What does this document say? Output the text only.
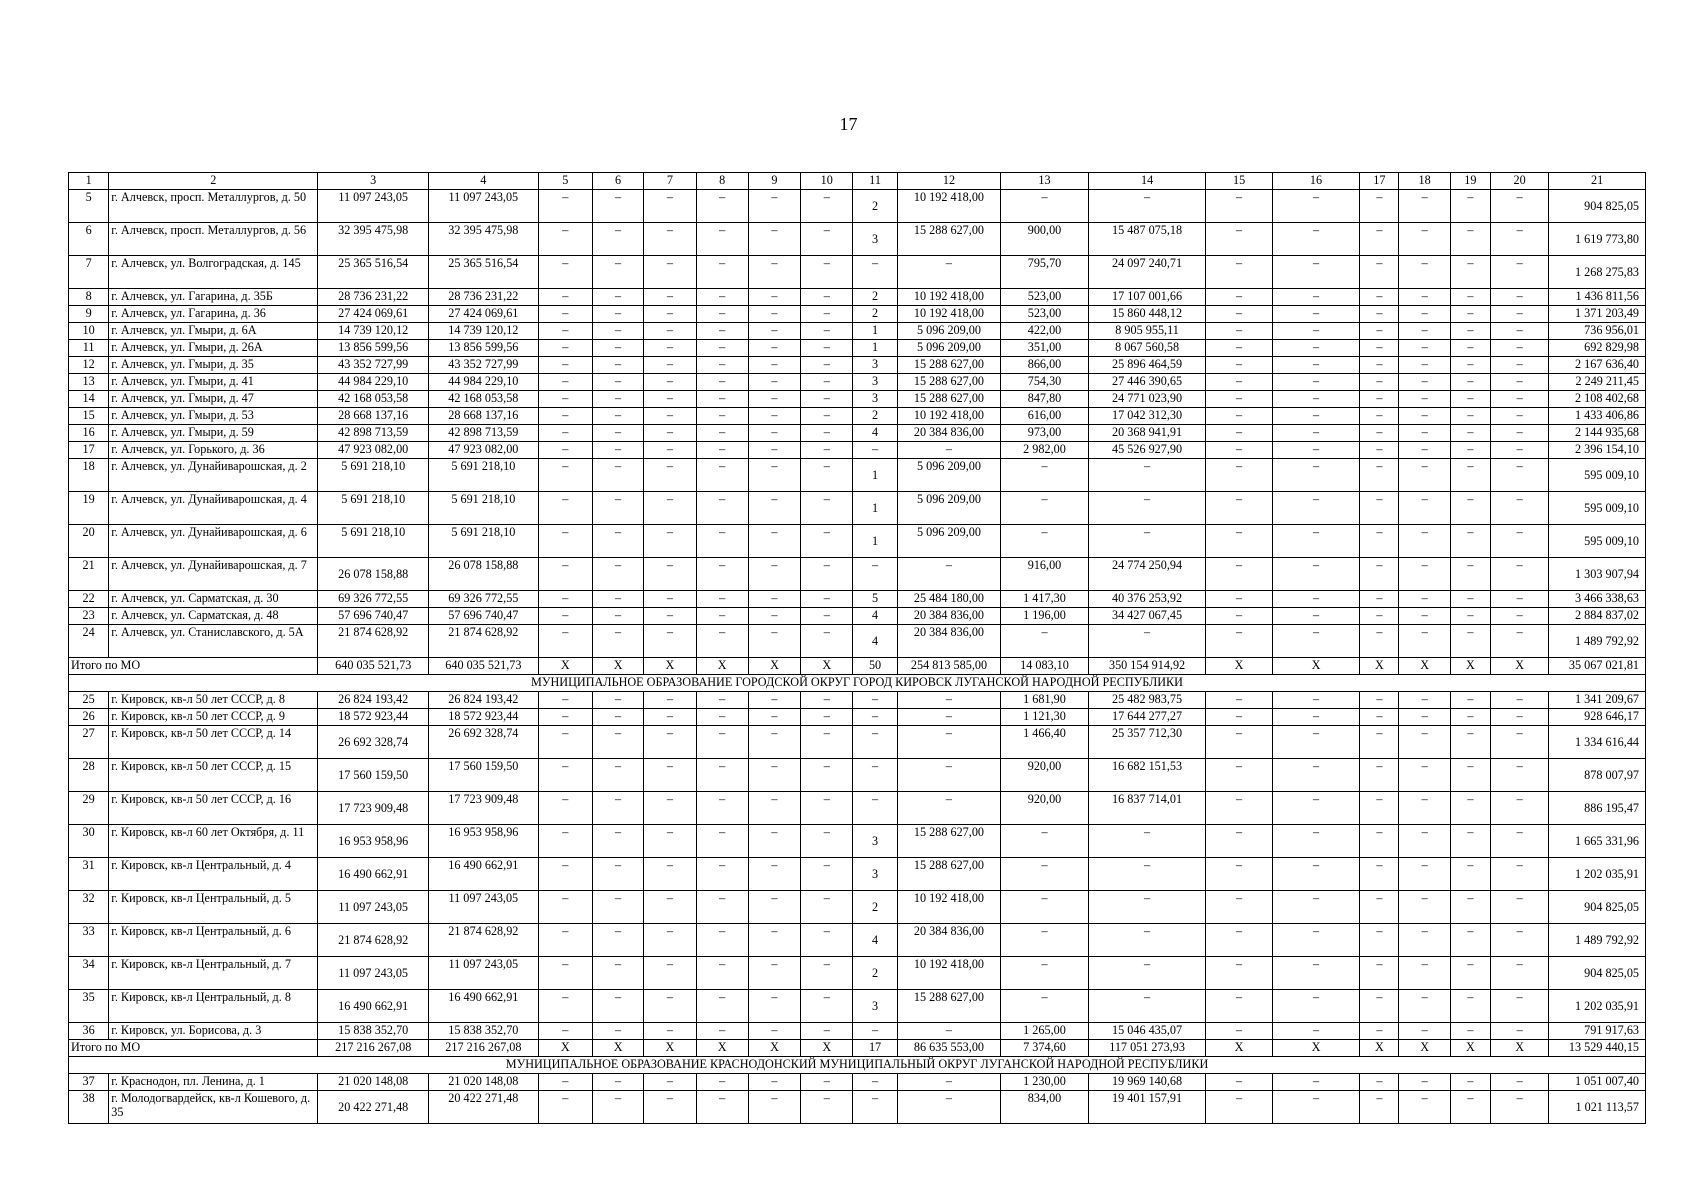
17
1	2	3	4	5	6	7	8	9	10	11	12	13	14	15	16	17	18	19	20	21
5	г. Алчевск, просп. Металлургов, д. 50	11 097 243,05	11 097 243,05	–	–	–	–	–	–	2	10 192 418,00	–	–	–	–	–	–	–	–	904 825,05
6	г. Алчевск, просп. Металлургов, д. 56	32 395 475,98	32 395 475,98	–	–	–	–	–	–	3	15 288 627,00	900,00	15 487 075,18	–	–	–	–	–	–	1 619 773,80
7	г. Алчевск, ул. Волгоградская, д. 145	25 365 516,54	25 365 516,54	–	–	–	–	–	–	–	–	795,70	24 097 240,71	–	–	–	–	–	–	1 268 275,83
8	г. Алчевск, ул. Гагарина, д. 35Б	28 736 231,22	28 736 231,22	–	–	–	–	–	–	2	10 192 418,00	523,00	17 107 001,66	–	–	–	–	–	–	1 436 811,56
9	г. Алчевск, ул. Гагарина, д. 36	27 424 069,61	27 424 069,61	–	–	–	–	–	–	2	10 192 418,00	523,00	15 860 448,12	–	–	–	–	–	–	1 371 203,49
10	г. Алчевск, ул. Гмыри, д. 6А	14 739 120,12	14 739 120,12	–	–	–	–	–	–	1	5 096 209,00	422,00	8 905 955,11	–	–	–	–	–	–	736 956,01
11	г. Алчевск, ул. Гмыри, д. 26А	13 856 599,56	13 856 599,56	–	–	–	–	–	–	1	5 096 209,00	351,00	8 067 560,58	–	–	–	–	–	–	692 829,98
12	г. Алчевск, ул. Гмыри, д. 35	43 352 727,99	43 352 727,99	–	–	–	–	–	–	3	15 288 627,00	866,00	25 896 464,59	–	–	–	–	–	–	2 167 636,40
13	г. Алчевск, ул. Гмыри, д. 41	44 984 229,10	44 984 229,10	–	–	–	–	–	–	3	15 288 627,00	754,30	27 446 390,65	–	–	–	–	–	–	2 249 211,45
14	г. Алчевск, ул. Гмыри, д. 47	42 168 053,58	42 168 053,58	–	–	–	–	–	–	3	15 288 627,00	847,80	24 771 023,90	–	–	–	–	–	–	2 108 402,68
15	г. Алчевск, ул. Гмыри, д. 53	28 668 137,16	28 668 137,16	–	–	–	–	–	–	2	10 192 418,00	616,00	17 042 312,30	–	–	–	–	–	–	1 433 406,86
16	г. Алчевск, ул. Гмыри, д. 59	42 898 713,59	42 898 713,59	–	–	–	–	–	–	4	20 384 836,00	973,00	20 368 941,91	–	–	–	–	–	–	2 144 935,68
17	г. Алчевск, ул. Горького, д. 36	47 923 082,00	47 923 082,00	–	–	–	–	–	–	–	–	2 982,00	45 526 927,90	–	–	–	–	–	–	2 396 154,10
18	г. Алчевск, ул. Дунайиварошская, д. 2	5 691 218,10	5 691 218,10	–	–	–	–	–	–	1	5 096 209,00	–	–	–	–	–	–	–	–	595 009,10
19	г. Алчевск, ул. Дунайиварошская, д. 4	5 691 218,10	5 691 218,10	–	–	–	–	–	–	1	5 096 209,00	–	–	–	–	–	–	–	–	595 009,10
20	г. Алчевск, ул. Дунайиварошская, д. 6	5 691 218,10	5 691 218,10	–	–	–	–	–	–	1	5 096 209,00	–	–	–	–	–	–	–	–	595 009,10
21	г. Алчевск, ул. Дунайиварошская, д. 7	26 078 158,88	26 078 158,88	–	–	–	–	–	–	–	–	916,00	24 774 250,94	–	–	–	–	–	–	1 303 907,94
22	г. Алчевск, ул. Сарматская, д. 30	69 326 772,55	69 326 772,55	–	–	–	–	–	–	5	25 484 180,00	1 417,30	40 376 253,92	–	–	–	–	–	–	3 466 338,63
23	г. Алчевск, ул. Сарматская, д. 48	57 696 740,47	57 696 740,47	–	–	–	–	–	–	4	20 384 836,00	1 196,00	34 427 067,45	–	–	–	–	–	–	2 884 837,02
24	г. Алчевск, ул. Станиславского, д. 5А	21 874 628,92	21 874 628,92	–	–	–	–	–	–	4	20 384 836,00	–	–	–	–	–	–	–	–	1 489 792,92
Итого по МО		640 035 521,73	640 035 521,73	X	X	X	X	X	X	50	254 813 585,00	14 083,10	350 154 914,92	X	X	X	X	X	X	35 067 021,81
МУНИЦИПАЛЬНОЕ ОБРАЗОВАНИЕ ГОРОДСКОЙ ОКРУГ ГОРОД КИРОВСК ЛУГАНСКОЙ НАРОДНОЙ РЕСПУБЛИКИ																				
25	г. Кировск, кв-л 50 лет СССР, д. 8	26 824 193,42	26 824 193,42	–	–	–	–	–	–	–	–	1 681,90	25 482 983,75	–	–	–	–	–	–	1 341 209,67
26	г. Кировск, кв-л 50 лет СССР, д. 9	18 572 923,44	18 572 923,44	–	–	–	–	–	–	–	–	1 121,30	17 644 277,27	–	–	–	–	–	–	928 646,17
27	г. Кировск, кв-л 50 лет СССР, д. 14	26 692 328,74	26 692 328,74	–	–	–	–	–	–	–	–	1 466,40	25 357 712,30	–	–	–	–	–	–	1 334 616,44
28	г. Кировск, кв-л 50 лет СССР, д. 15	17 560 159,50	17 560 159,50	–	–	–	–	–	–	–	–	920,00	16 682 151,53	–	–	–	–	–	–	878 007,97
29	г. Кировск, кв-л 50 лет СССР, д. 16	17 723 909,48	17 723 909,48	–	–	–	–	–	–	–	–	920,00	16 837 714,01	–	–	–	–	–	–	886 195,47
30	г. Кировск, кв-л 60 лет Октября, д. 11	16 953 958,96	16 953 958,96	–	–	–	–	–	–	3	15 288 627,00	–	–	–	–	–	–	–	–	1 665 331,96
31	г. Кировск, кв-л Центральный, д. 4	16 490 662,91	16 490 662,91	–	–	–	–	–	–	3	15 288 627,00	–	–	–	–	–	–	–	–	1 202 035,91
32	г. Кировск, кв-л Центральный, д. 5	11 097 243,05	11 097 243,05	–	–	–	–	–	–	2	10 192 418,00	–	–	–	–	–	–	–	–	904 825,05
33	г. Кировск, кв-л Центральный, д. 6	21 874 628,92	21 874 628,92	–	–	–	–	–	–	4	20 384 836,00	–	–	–	–	–	–	–	–	1 489 792,92
34	г. Кировск, кв-л Центральный, д. 7	11 097 243,05	11 097 243,05	–	–	–	–	–	–	2	10 192 418,00	–	–	–	–	–	–	–	–	904 825,05
35	г. Кировск, кв-л Центральный, д. 8	16 490 662,91	16 490 662,91	–	–	–	–	–	–	3	15 288 627,00	–	–	–	–	–	–	–	–	1 202 035,91
36	г. Кировск, ул. Борисова, д. 3	15 838 352,70	15 838 352,70	–	–	–	–	–	–	–	–	1 265,00	15 046 435,07	–	–	–	–	–	–	791 917,63
Итого по МО		217 216 267,08	217 216 267,08	X	X	X	X	X	X	17	86 635 553,00	7 374,60	117 051 273,93	X	X	X	X	X	X	13 529 440,15
МУНИЦИПАЛЬНОЕ ОБРАЗОВАНИЕ КРАСНОДОНСКИЙ МУНИЦИПАЛЬНЫЙ ОКРУГ ЛУГАНСКОЙ НАРОДНОЙ РЕСПУБЛИКИ																				
37	г. Краснодон, пл. Ленина, д. 1	21 020 148,08	21 020 148,08	–	–	–	–	–	–	–	–	1 230,00	19 969 140,68	–	–	–	–	–	–	1 051 007,40
38	г. Молодогвардейск, кв-л Кошевого, д. 35	20 422 271,48	20 422 271,48	–	–	–	–	–	–	–	–	834,00	19 401 157,91	–	–	–	–	–	–	1 021 113,57
